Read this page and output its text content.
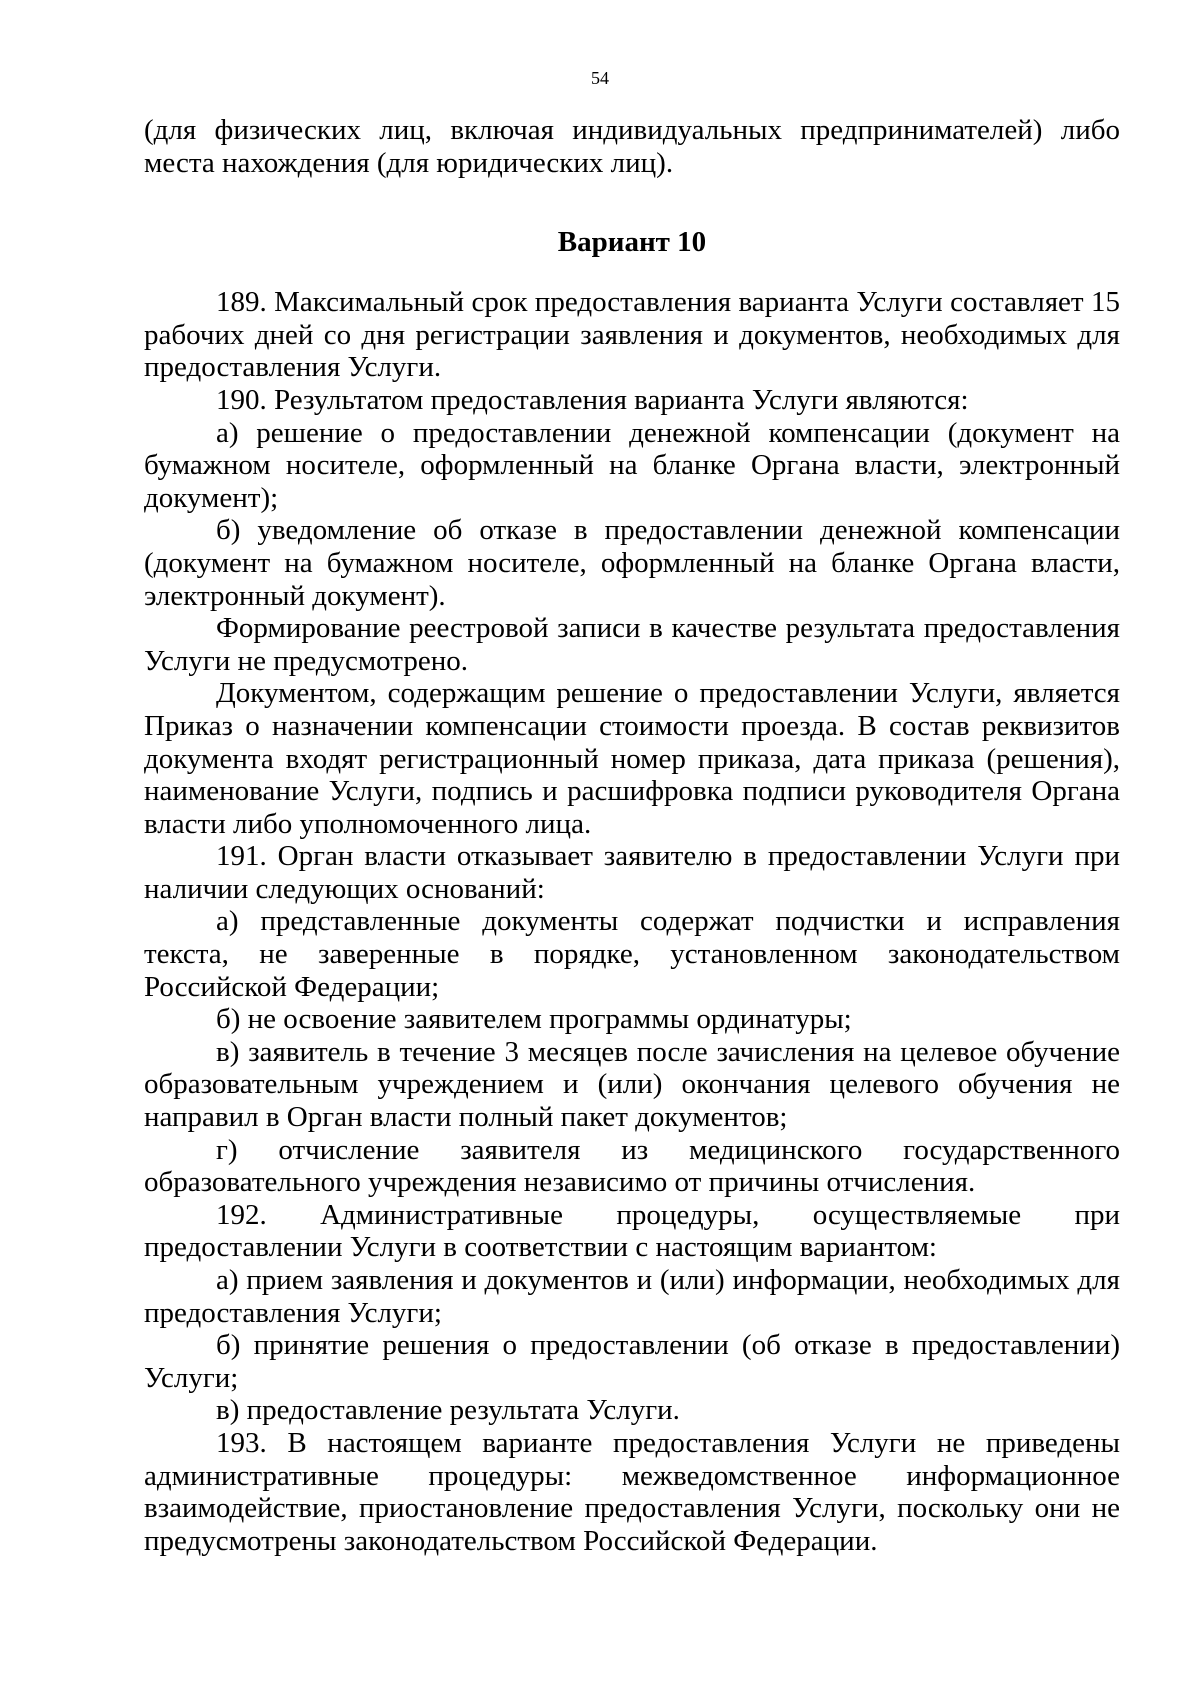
54

(для физических лиц, включая индивидуальных предпринимателей) либо места нахождения (для юридических лиц).

Вариант 10

189. Максимальный срок предоставления варианта Услуги составляет 15 рабочих дней со дня регистрации заявления и документов, необходимых для предоставления Услуги.

190. Результатом предоставления варианта Услуги являются:

а) решение о предоставлении денежной компенсации (документ на бумажном носителе, оформленный на бланке Органа власти, электронный документ);

б) уведомление об отказе в предоставлении денежной компенсации (документ на бумажном носителе, оформленный на бланке Органа власти, электронный документ).

Формирование реестровой записи в качестве результата предоставления Услуги не предусмотрено.

Документом, содержащим решение о предоставлении Услуги, является Приказ о назначении компенсации стоимости проезда. В состав реквизитов документа входят регистрационный номер приказа, дата приказа (решения), наименование Услуги, подпись и расшифровка подписи руководителя Органа власти либо уполномоченного лица.

191. Орган власти отказывает заявителю в предоставлении Услуги при наличии следующих оснований:

а) представленные документы содержат подчистки и исправления текста, не заверенные в порядке, установленном законодательством Российской Федерации;

б) не освоение заявителем программы ординатуры;

в) заявитель в течение 3 месяцев после зачисления на целевое обучение образовательным учреждением и (или) окончания целевого обучения не направил в Орган власти полный пакет документов;

г) отчисление заявителя из медицинского государственного образовательного учреждения независимо от причины отчисления.

192. Административные процедуры, осуществляемые при предоставлении Услуги в соответствии с настоящим вариантом:

а) прием заявления и документов и (или) информации, необходимых для предоставления Услуги;

б) принятие решения о предоставлении (об отказе в предоставлении) Услуги;

в) предоставление результата Услуги.

193. В настоящем варианте предоставления Услуги не приведены административные процедуры: межведомственное информационное взаимодействие, приостановление предоставления Услуги, поскольку они не предусмотрены законодательством Российской Федерации.
